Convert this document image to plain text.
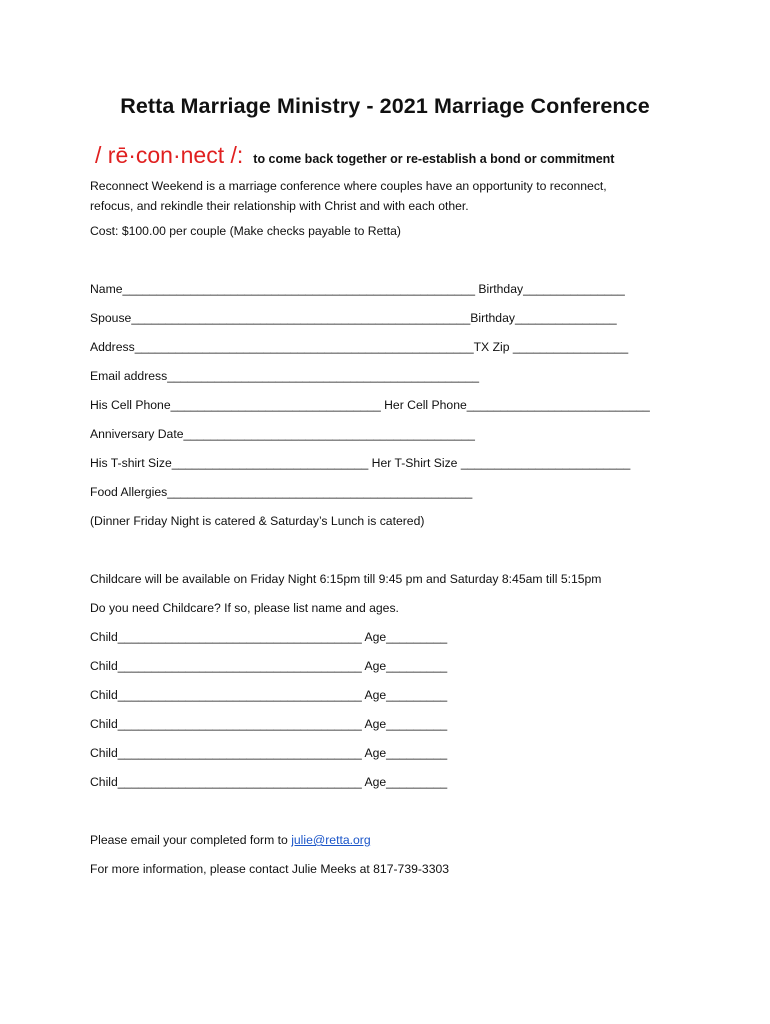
Retta Marriage Ministry - 2021 Marriage Conference
/ rē·con·nect /: to come back together or re-establish a bond or commitment
Reconnect Weekend is a marriage conference where couples have an opportunity to reconnect,
refocus, and rekindle their relationship with Christ and with each other.
Cost: $100.00 per couple (Make checks payable to Retta)
Name____________________________________________________ Birthday_______________
Spouse__________________________________________________Birthday_______________
Address__________________________________________________TX Zip _________________
Email address______________________________________________
His Cell Phone_______________________________ Her Cell Phone___________________________
Anniversary Date___________________________________________
His T-shirt Size_____________________________ Her T-Shirt Size _________________________
Food Allergies_____________________________________________
(Dinner Friday Night is catered & Saturday’s Lunch is catered)
Childcare will be available on Friday Night 6:15pm till 9:45 pm and Saturday 8:45am till 5:15pm
Do you need Childcare? If so, please list name and ages.
Child____________________________________ Age_________
Child____________________________________ Age_________
Child____________________________________ Age_________
Child____________________________________ Age_________
Child____________________________________ Age_________
Child____________________________________ Age_________
Please email your completed form to julie@retta.org
For more information, please contact Julie Meeks at 817-739-3303
